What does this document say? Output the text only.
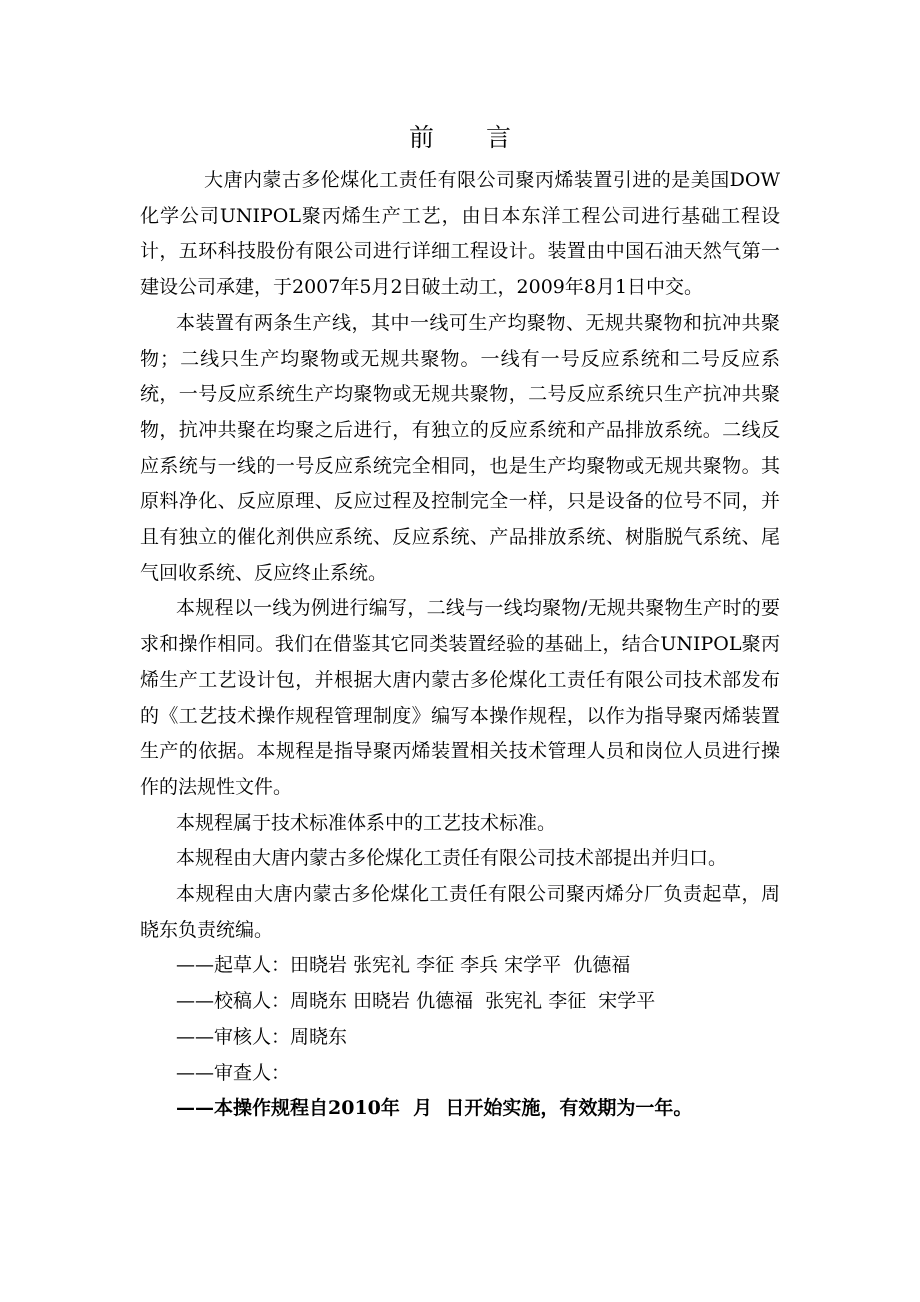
前 言

大唐内蒙古多伦煤化工责任有限公司聚丙烯装置引进的是美国DOW化学公司UNIPOL聚丙烯生产工艺，由日本东洋工程公司进行基础工程设计，五环科技股份有限公司进行详细工程设计。装置由中国石油天然气第一建设公司承建，于2007年5月2日破土动工，2009年8月1日中交。

本装置有两条生产线，其中一线可生产均聚物、无规共聚物和抗冲共聚物；二线只生产均聚物或无规共聚物。一线有一号反应系统和二号反应系统，一号反应系统生产均聚物或无规共聚物，二号反应系统只生产抗冲共聚物，抗冲共聚在均聚之后进行，有独立的反应系统和产品排放系统。二线反应系统与一线的一号反应系统完全相同，也是生产均聚物或无规共聚物。其原料净化、反应原理、反应过程及控制完全一样，只是设备的位号不同，并且有独立的催化剂供应系统、反应系统、产品排放系统、树脂脱气系统、尾气回收系统、反应终止系统。

本规程以一线为例进行编写，二线与一线均聚物/无规共聚物生产时的要求和操作相同。我们在借鉴其它同类装置经验的基础上，结合UNIPOL聚丙烯生产工艺设计包，并根据大唐内蒙古多伦煤化工责任有限公司技术部发布的《工艺技术操作规程管理制度》编写本操作规程，以作为指导聚丙烯装置生产的依据。本规程是指导聚丙烯装置相关技术管理人员和岗位人员进行操作的法规性文件。

本规程属于技术标准体系中的工艺技术标准。

本规程由大唐内蒙古多伦煤化工责任有限公司技术部提出并归口。

本规程由大唐内蒙古多伦煤化工责任有限公司聚丙烯分厂负责起草，周晓东负责统编。

——起草人：田晓岩 张宪礼 李征 李兵 宋学平  仇德福

——校稿人：周晓东 田晓岩 仇德福  张宪礼 李征  宋学平

——审核人：周晓东

——审查人：

——本操作规程自2010年  月  日开始实施，有效期为一年。
